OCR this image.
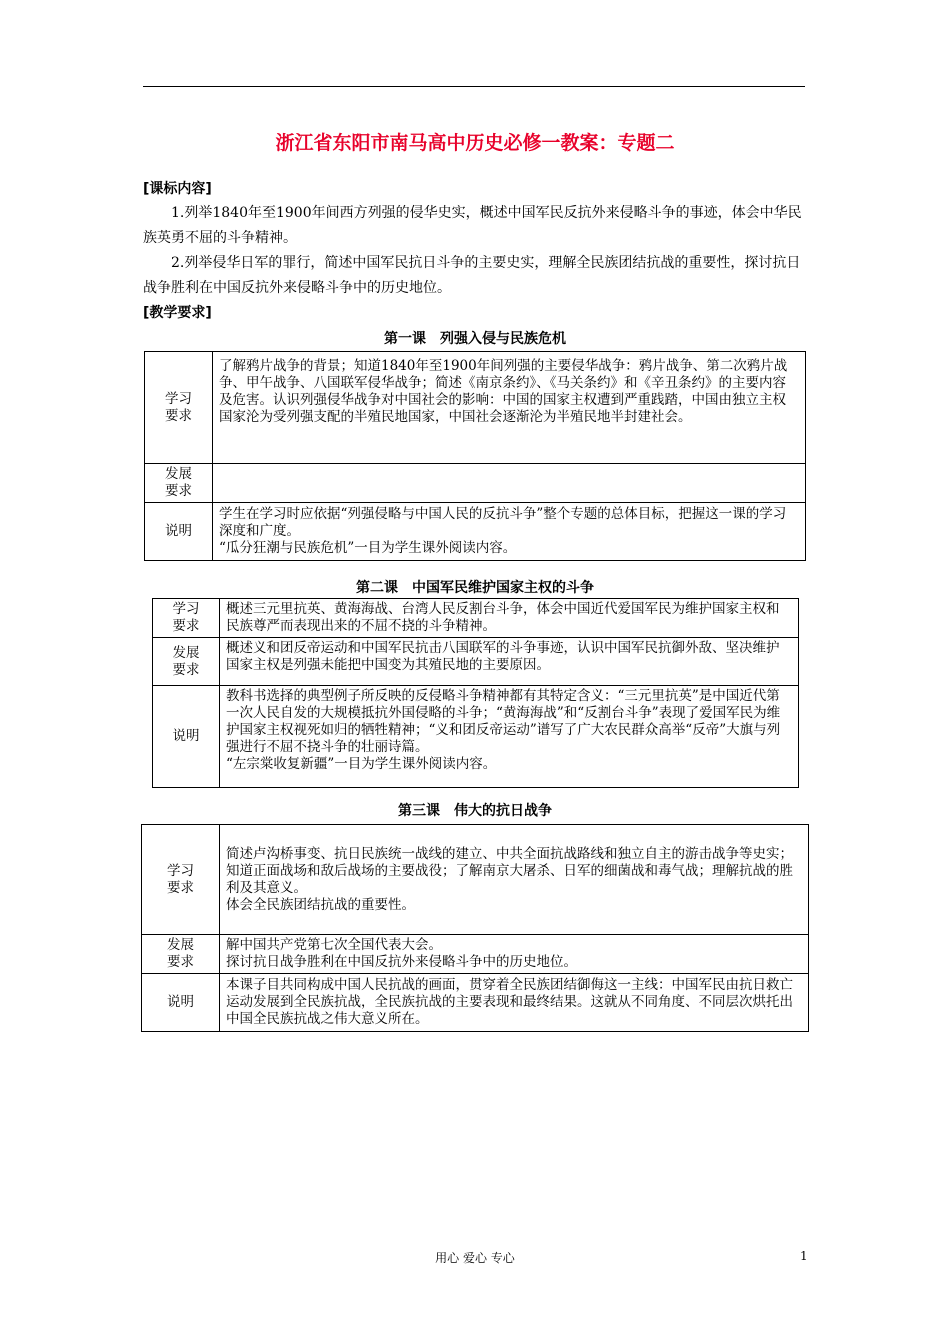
浙江省东阳市南马高中历史必修一教案：专题二
[课标内容]
1.列举1840年至1900年间西方列强的侵华史实，概述中国军民反抗外来侵略斗争的事迹，体会中华民族英勇不屈的斗争精神。
2.列举侵华日军的罪行，简述中国军民抗日斗争的主要史实，理解全民族团结抗战的重要性，探讨抗日战争胜利在中国反抗外来侵略斗争中的历史地位。
[教学要求]
第一课　列强入侵与民族危机
学习
要求	了解鸦片战争的背景；知道1840年至1900年间列强的主要侵华战争：鸦片战争、第二次鸦片战争、甲午战争、八国联军侵华战争；简述《南京条约》、《马关条约》和《辛丑条约》的主要内容及危害。认识列强侵华战争对中国社会的影响：中国的国家主权遭到严重践踏，中国由独立主权国家沦为受列强支配的半殖民地国家，中国社会逐渐沦为半殖民地半封建社会。

发展
要求	

说明	学生在学习时应依据“列强侵略与中国人民的反抗斗争”整个专题的总体目标，把握这一课的学习深度和广度。
“瓜分狂潮与民族危机”一目为学生课外阅读内容。
第二课　中国军民维护国家主权的斗争
学习
要求	概述三元里抗英、黄海海战、台湾人民反割台斗争，体会中国近代爱国军民为维护国家主权和民族尊严而表现出来的不屈不挠的斗争精神。

发展
要求	概述义和团反帝运动和中国军民抗击八国联军的斗争事迹，认识中国军民抗御外敌、坚决维护国家主权是列强未能把中国变为其殖民地的主要原因。

说明	教科书选择的典型例子所反映的反侵略斗争精神都有其特定含义：“三元里抗英”是中国近代第一次人民自发的大规模抵抗外国侵略的斗争；“黄海海战”和“反割台斗争”表现了爱国军民为维护国家主权视死如归的牺牲精神；“义和团反帝运动”谱写了广大农民群众高举“反帝”大旗与列强进行不屈不挠斗争的壮丽诗篇。
“左宗棠收复新疆”一目为学生课外阅读内容。
第三课　伟大的抗日战争
学习
要求	简述卢沟桥事变、抗日民族统一战线的建立、中共全面抗战路线和独立自主的游击战争等史实；知道正面战场和敌后战场的主要战役；了解南京大屠杀、日军的细菌战和毒气战；理解抗战的胜利及其意义。
体会全民族团结抗战的重要性。

发展
要求	解中国共产党第七次全国代表大会。
探讨抗日战争胜利在中国反抗外来侵略斗争中的历史地位。

说明	本课子目共同构成中国人民抗战的画面，贯穿着全民族团结御侮这一主线：中国军民由抗日救亡运动发展到全民族抗战，全民族抗战的主要表现和最终结果。这就从不同角度、不同层次烘托出中国全民族抗战之伟大意义所在。
用心 爱心 专心	1
